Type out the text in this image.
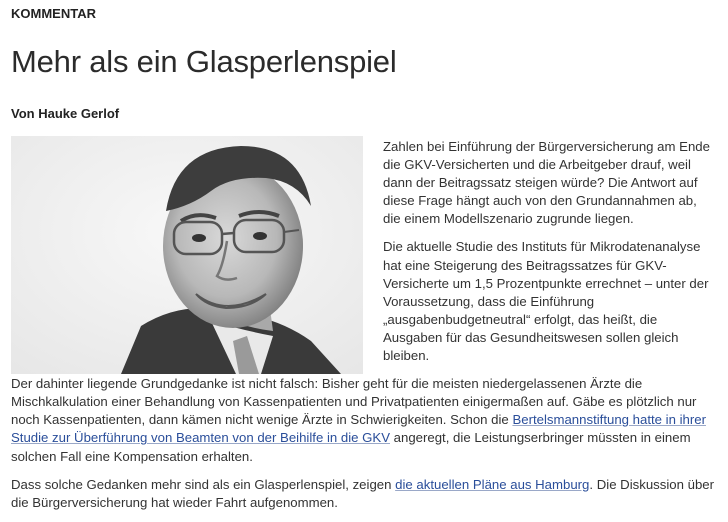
KOMMENTAR
Mehr als ein Glasperlenspiel
Von Hauke Gerlof

Zahlen bei Einführung der Bürgerversicherung am Ende die GKV-Versicherten und die Arbeitgeber drauf, weil dann der Beitragssatz steigen würde? Die Antwort auf diese Frage hängt auch von den Grundannahmen ab, die einem Modellszenario zugrunde liegen.

Die aktuelle Studie des Instituts für Mikrodatenanalyse hat eine Steigerung des Beitragssatzes für GKV-Versicherte um 1,5 Prozentpunkte errechnet – unter der Voraussetzung, dass die Einführung „ausgabenbudgetneutral“ erfolgt, das heißt, die Ausgaben für das Gesundheitswesen sollen gleich bleiben.

Der dahinter liegende Grundgedanke ist nicht falsch: Bisher geht für die meisten niedergelassenen Ärzte die Mischkalkulation einer Behandlung von Kassenpatienten und Privatpatienten einigermaßen auf. Gäbe es plötzlich nur noch Kassenpatienten, dann kämen nicht wenige Ärzte in Schwierigkeiten. Schon die Bertelsmannstiftung hatte in ihrer Studie zur Überführung von Beamten von der Beihilfe in die GKV angeregt, die Leistungserbringer müssten in einem solchen Fall eine Kompensation erhalten.

Dass solche Gedanken mehr sind als ein Glasperlenspiel, zeigen die aktuellen Pläne aus Hamburg. Die Diskussion über die Bürgerversicherung hat wieder Fahrt aufgenommen.
